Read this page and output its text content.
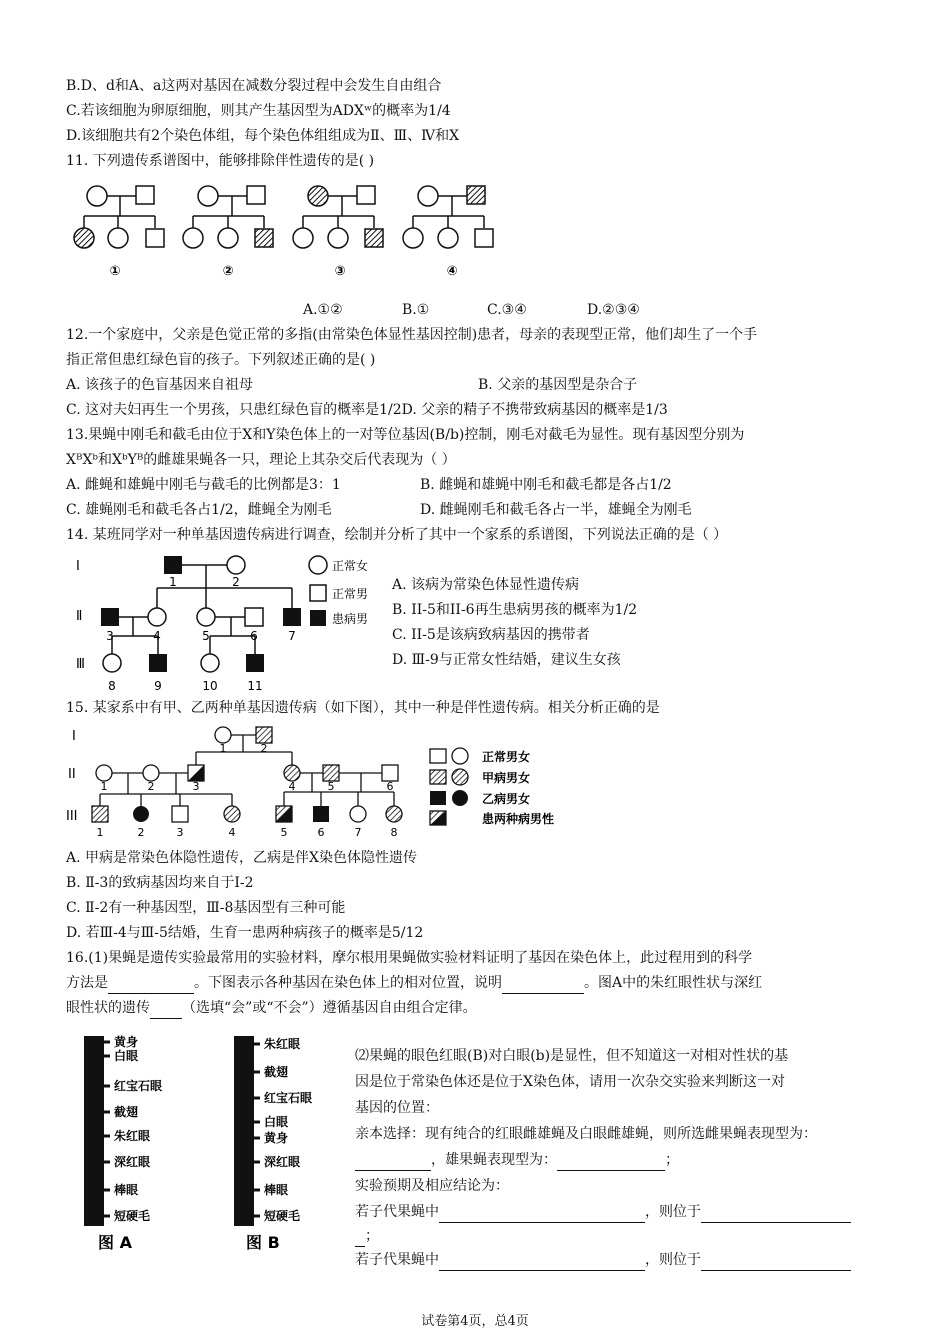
B.D、d和A、a这两对基因在减数分裂过程中会发生自由组合
C.若该细胞为卵原细胞，则其产生基因型为ADXʷ的概率为1/4
D.该细胞共有2个染色体组，每个染色体组组成为Ⅱ、Ⅲ、Ⅳ和X
11. 下列遗传系谱图中，能够排除伴性遗传的是( )
①	②	③	④
A.①②	B.①	C.③④	D.②③④
12.一个家庭中，父亲是色觉正常的多指(由常染色体显性基因控制)患者，母亲的表现型正常，他们却生了一个手
指正常但患红绿色盲的孩子。下列叙述正确的是( )
A. 该孩子的色盲基因来自祖母	B. 父亲的基因型是杂合子
C. 这对夫妇再生一个男孩，只患红绿色盲的概率是1/2D. 父亲的精子不携带致病基因的概率是1/3
13.果蝇中刚毛和截毛由位于X和Y染色体上的一对等位基因(B/b)控制，刚毛对截毛为显性。现有基因型分别为
XᴮXᵇ和XᵇYᴮ的雌雄果蝇各一只，理论上其杂交后代表现为（ ）
A. 雌蝇和雄蝇中刚毛与截毛的比例都是3：1	B. 雌蝇和雄蝇中刚毛和截毛都是各占1/2
C. 雄蝇刚毛和截毛各占1/2，雌蝇全为刚毛	D. 雌蝇刚毛和截毛各占一半，雄蝇全为刚毛
14. 某班同学对一种单基因遗传病进行调查，绘制并分析了其中一个家系的系谱图，下列说法正确的是（ ）
Ⅰ
Ⅱ
Ⅲ
1	2
3	4	5	6	7
8	9	10 11
正常女
正常男
患病男
A. 该病为常染色体显性遗传病
B. II-5和II-6再生患病男孩的概率为1/2
C. II-5是该病致病基因的携带者
D. Ⅲ-9与正常女性结婚，建议生女孩
15. 某家系中有甲、乙两种单基因遗传病（如下图），其中一种是伴性遗传病。相关分析正确的是
I
II
III
1	2
1	2	3	4	5	6
1	2	3	4	5	6	7	8
正常男女
甲病男女
乙病男女
患两种病男性
A. 甲病是常染色体隐性遗传，乙病是伴X染色体隐性遗传
B. Ⅱ-3的致病基因均来自于I-2
C. Ⅱ-2有一种基因型，Ⅲ-8基因型有三种可能
D. 若Ⅲ-4与Ⅲ-5结婚，生育一患两种病孩子的概率是5/12
16.(1)果蝇是遗传实验最常用的实验材料，摩尔根用果蝇做实验材料证明了基因在染色体上，此过程用到的科学
方法是	。下图表示各种基因在染色体上的相对位置，说明	。图A中的朱红眼性状与深红
眼性状的遗传 （选填“会”或“不会”）遵循基因自由组合定律。
黄身
白眼
红宝石眼
截翅
朱红眼
深红眼
棒眼
短硬毛
图 A
朱红眼
截翅
红宝石眼
白眼
黄身
深红眼
棒眼
短硬毛
图 B
⑵果蝇的眼色红眼(B)对白眼(b)是显性，但不知道这一对相对性状的基
因是位于常染色体还是位于X染色体，请用一次杂交实验来判断这一对
基因的位置：
亲本选择：现有纯合的红眼雌雄蝇及白眼雌雄蝇，则所选雌果蝇表现型为：
，雄果蝇表现型为：	；
实验预期及相应结论为：
若子代果蝇中	，则位于
；
若子代果蝇中	，则位于
试卷第4页，总4页
